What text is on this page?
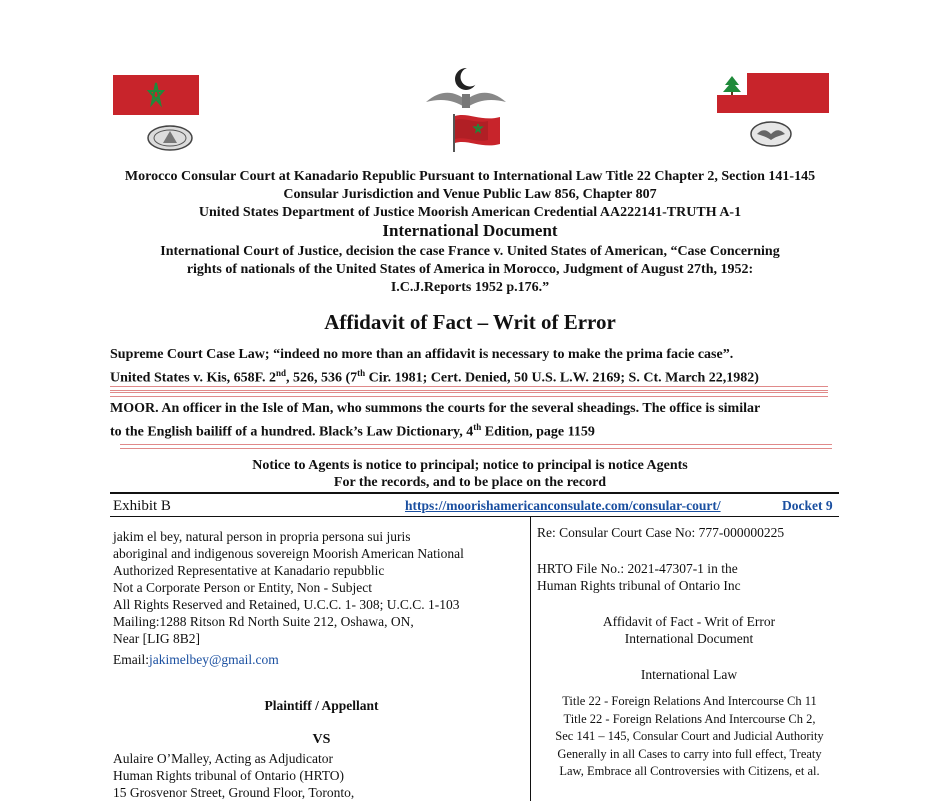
Morocco Consular Court at Kanadario Republic Pursuant to International Law Title 22 Chapter 2, Section 141-145
Consular Jurisdiction and Venue Public Law 856, Chapter 807
United States Department of Justice Moorish American Credential AA222141-TRUTH A-1
International Document
International Court of Justice, decision the case France v. United States of American, “Case Concerning
rights of nationals of the United States of America in Morocco, Judgment of August 27th, 1952:
I.C.J.Reports 1952 p.176.”
Affidavit of Fact – Writ of Error
Supreme Court Case Law; “indeed no more than an affidavit is necessary to make the prima facie case”.
United States v. Kis, 658F. 2nd, 526, 536 (7th Cir. 1981; Cert. Denied, 50 U.S. L.W. 2169; S. Ct. March 22,1982)
MOOR. An officer in the Isle of Man, who summons the courts for the several sheadings. The office is similar
to the English bailiff of a hundred. Black’s Law Dictionary, 4th Edition, page 1159
Notice to Agents is notice to principal; notice to principal is notice Agents
For the records, and to be place on the record
Exhibit B	https://moorishamericanconsulate.com/consular-court/	Docket 9
jakim el bey, natural person in propria persona sui juris
aboriginal and indigenous sovereign Moorish American National
Authorized Representative at Kanadario repubblic
Not a Corporate Person or Entity, Non - Subject
All Rights Reserved and Retained, U.C.C. 1- 308; U.C.C. 1-103
Mailing:1288 Ritson Rd North Suite 212, Oshawa, ON,
Near [LIG 8B2]
Email:jakimelbey@gmail.com
Plaintiff / Appellant
VS
Aulaire O’Malley, Acting as Adjudicator
Human Rights tribunal of Ontario (HRTO)
15 Grosvenor Street, Ground Floor, Toronto,
Re: Consular Court Case No: 777-000000225
HRTO File No.: 2021-47307-1 in the
Human Rights tribunal of Ontario Inc
Affidavit of Fact - Writ of Error
International Document
International Law
Title 22 - Foreign Relations And Intercourse Ch 11
Title 22 - Foreign Relations And Intercourse Ch 2,
Sec 141 – 145, Consular Court and Judicial Authority
Generally in all Cases to carry into full effect, Treaty
Law, Embrace all Controversies with Citizens, et al.
